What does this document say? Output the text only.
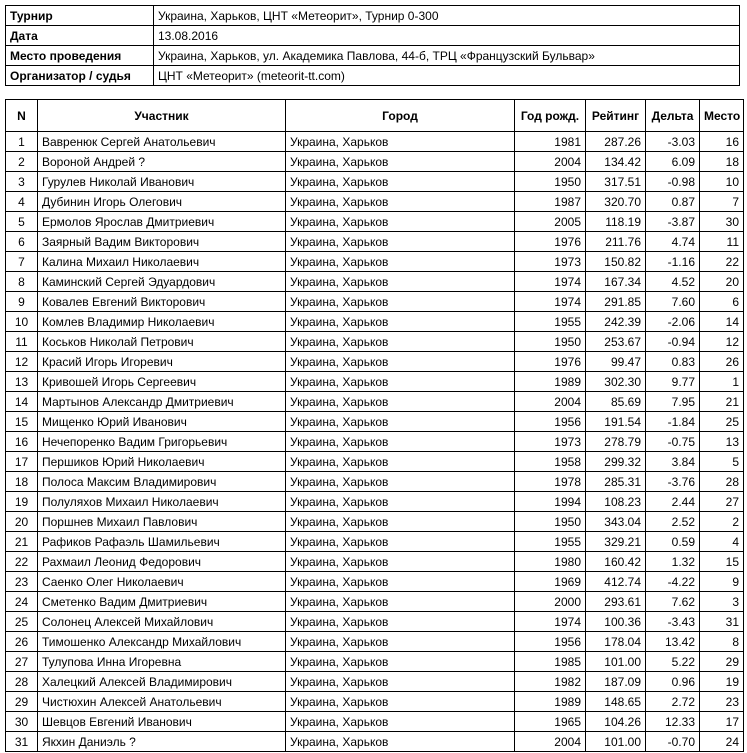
Турнир	Украина, Харьков, ЦНТ «Метеорит», Турнир 0-300
Дата	13.08.2016
Место проведения	Украина, Харьков, ул. Академика Павлова, 44-б, ТРЦ «Французский Бульвар»
Организатор / судья	ЦНТ «Метеорит» (meteorit-tt.com)
N	Участник	Город	Год рожд.	Рейтинг	Дельта	Место
1	Вавренюк Сергей Анатольевич	Украина, Харьков	1981	287.26	-3.03	16
2	Вороной Андрей ?	Украина, Харьков	2004	134.42	6.09	18
3	Гурулев Николай Иванович	Украина, Харьков	1950	317.51	-0.98	10
4	Дубинин Игорь Олегович	Украина, Харьков	1987	320.70	0.87	7
5	Ермолов Ярослав Дмитриевич	Украина, Харьков	2005	118.19	-3.87	30
6	Заярный Вадим Викторович	Украина, Харьков	1976	211.76	4.74	11
7	Калина Михаил Николаевич	Украина, Харьков	1973	150.82	-1.16	22
8	Каминский Сергей Эдуардович	Украина, Харьков	1974	167.34	4.52	20
9	Ковалев Евгений Викторович	Украина, Харьков	1974	291.85	7.60	6
10	Комлев Владимир Николаевич	Украина, Харьков	1955	242.39	-2.06	14
11	Коськов Николай Петрович	Украина, Харьков	1950	253.67	-0.94	12
12	Красий Игорь Игоревич	Украина, Харьков	1976	99.47	0.83	26
13	Кривошей Игорь Сергеевич	Украина, Харьков	1989	302.30	9.77	1
14	Мартынов Александр Дмитриевич	Украина, Харьков	2004	85.69	7.95	21
15	Мищенко Юрий Иванович	Украина, Харьков	1956	191.54	-1.84	25
16	Нечепоренко Вадим Григорьевич	Украина, Харьков	1973	278.79	-0.75	13
17	Першиков Юрий Николаевич	Украина, Харьков	1958	299.32	3.84	5
18	Полоса Максим Владимирович	Украина, Харьков	1978	285.31	-3.76	28
19	Полуляхов Михаил Николаевич	Украина, Харьков	1994	108.23	2.44	27
20	Поршнев Михаил Павлович	Украина, Харьков	1950	343.04	2.52	2
21	Рафиков Рафаэль Шамильевич	Украина, Харьков	1955	329.21	0.59	4
22	Рахмаил Леонид Федорович	Украина, Харьков	1980	160.42	1.32	15
23	Саенко Олег Николаевич	Украина, Харьков	1969	412.74	-4.22	9
24	Сметенко Вадим Дмитриевич	Украина, Харьков	2000	293.61	7.62	3
25	Солонец Алексей Михайлович	Украина, Харьков	1974	100.36	-3.43	31
26	Тимошенко Александр Михайлович	Украина, Харьков	1956	178.04	13.42	8
27	Тулупова Инна Игоревна	Украина, Харьков	1985	101.00	5.22	29
28	Халецкий Алексей Владимирович	Украина, Харьков	1982	187.09	0.96	19
29	Чистюхин Алексей Анатольевич	Украина, Харьков	1989	148.65	2.72	23
30	Шевцов Евгений Иванович	Украина, Харьков	1965	104.26	12.33	17
31	Якхин Даниэль ?	Украина, Харьков	2004	101.00	-0.70	24
